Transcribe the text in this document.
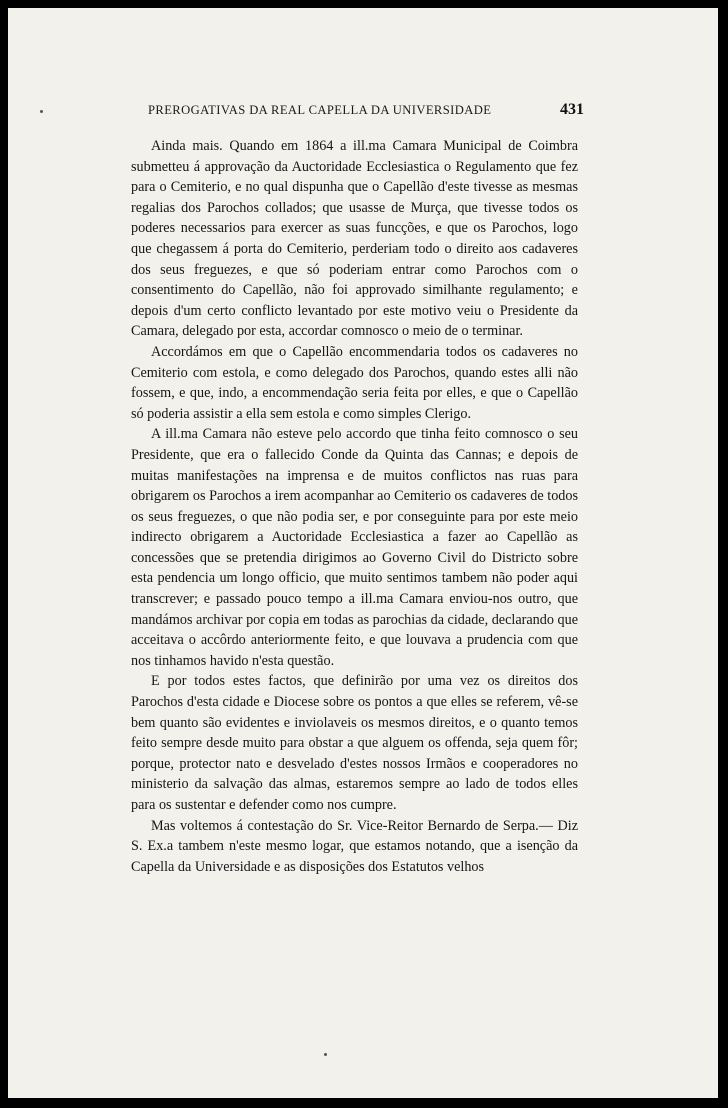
PREROGATIVAS DA REAL CAPELLA DA UNIVERSIDADE	431

Ainda mais. Quando em 1864 a ill.ma Camara Municipal de Coimbra submetteu á approvação da Auctoridade Ecclesiastica o Regulamento que fez para o Cemiterio, e no qual dispunha que o Capellão d'este tivesse as mesmas regalias dos Parochos collados; que usasse de Murça, que tivesse todos os poderes necessarios para exercer as suas funcções, e que os Parochos, logo que chegassem á porta do Cemiterio, perderiam todo o direito aos cadaveres dos seus freguezes, e que só poderiam entrar como Parochos com o consentimento do Capellão, não foi approvado similhante regulamento; e depois d'um certo conflicto levantado por este motivo veiu o Presidente da Camara, delegado por esta, accordar comnosco o meio de o terminar.

Accordámos em que o Capellão encommendaria todos os cadaveres no Cemiterio com estola, e como delegado dos Parochos, quando estes alli não fossem, e que, indo, a encommendação seria feita por elles, e que o Capellão só poderia assistir a ella sem estola e como simples Clerigo.

A ill.ma Camara não esteve pelo accordo que tinha feito comnosco o seu Presidente, que era o fallecido Conde da Quinta das Cannas; e depois de muitas manifestações na imprensa e de muitos conflictos nas ruas para obrigarem os Parochos a irem acompanhar ao Cemiterio os cadaveres de todos os seus freguezes, o que não podia ser, e por conseguinte para por este meio indirecto obrigarem a Auctoridade Ecclesiastica a fazer ao Capellão as concessões que se pretendia dirigimos ao Governo Civil do Districto sobre esta pendencia um longo officio, que muito sentimos tambem não poder aqui transcrever; e passado pouco tempo a ill.ma Camara enviou-nos outro, que mandámos archivar por copia em todas as parochias da cidade, declarando que acceitava o accôrdo anteriormente feito, e que louvava a prudencia com que nos tinhamos havido n'esta questão.

E por todos estes factos, que definirão por uma vez os direitos dos Parochos d'esta cidade e Diocese sobre os pontos a que elles se referem, vê-se bem quanto são evidentes e inviolaveis os mesmos direitos, e o quanto temos feito sempre desde muito para obstar a que alguem os offenda, seja quem fôr; porque, protector nato e desvelado d'estes nossos Irmãos e cooperadores no ministerio da salvação das almas, estaremos sempre ao lado de todos elles para os sustentar e defender como nos cumpre.

Mas voltemos á contestação do Sr. Vice-Reitor Bernardo de Serpa.— Diz S. Ex.a tambem n'este mesmo logar, que estamos notando, que a isenção da Capella da Universidade e as disposições dos Estatutos velhos
